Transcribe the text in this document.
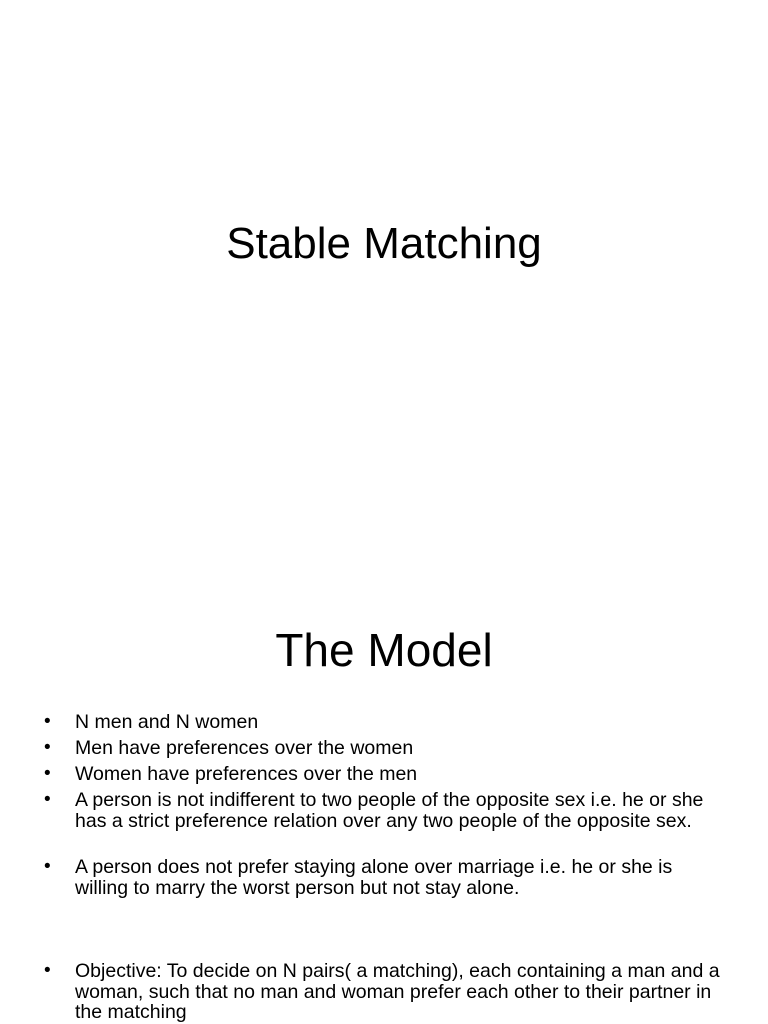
Stable Matching
The Model
• N men and N women
• Men have preferences over the women
• Women have preferences over the men
• A person is not indifferent to two people of the opposite sex i.e. he or she has a strict preference relation over any two people of the opposite sex.
• A person does not prefer staying alone over marriage i.e. he or she is willing to marry the worst person but not stay alone.
• Objective: To decide on N pairs( a matching), each containing a man and a woman, such that no man and woman prefer each other to their partner in the matching
